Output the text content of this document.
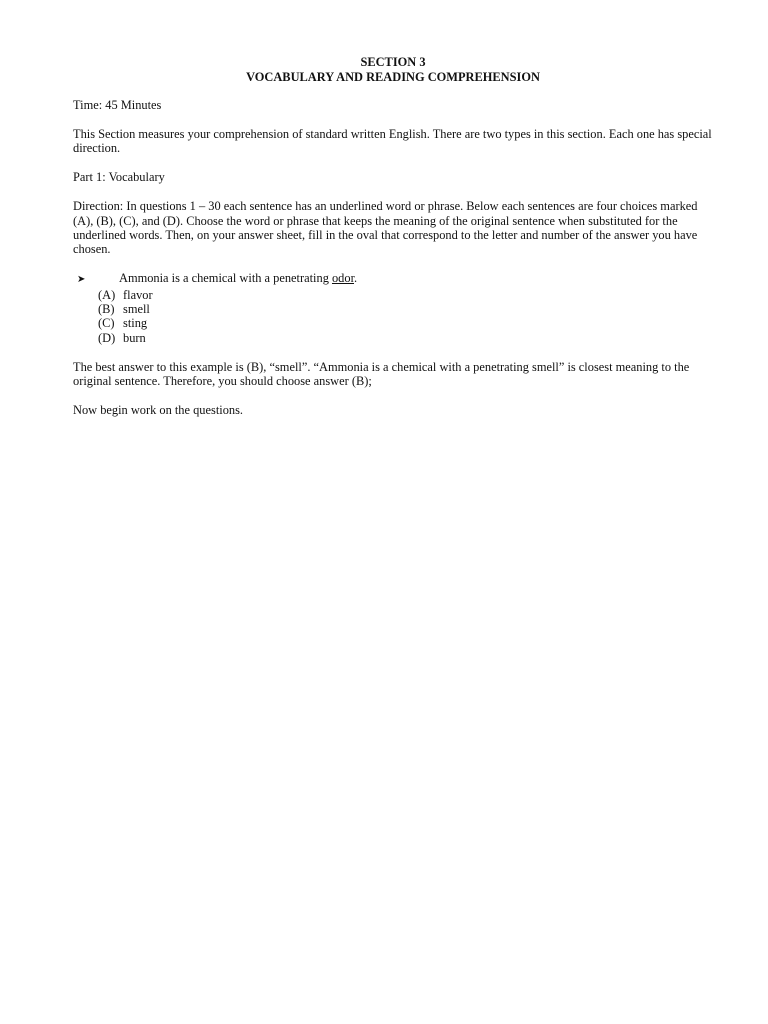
SECTION 3
VOCABULARY AND READING COMPREHENSION

Time: 45 Minutes

This Section measures your comprehension of standard written English. There are two types in this section. Each one has special direction.

Part 1: Vocabulary

Direction: In questions 1 – 30 each sentence has an underlined word or phrase. Below each sentences are four choices marked (A), (B), (C), and (D). Choose the word or phrase that keeps the meaning of the original sentence when substituted for the underlined words. Then, on your answer sheet, fill in the oval that correspond to the letter and number of the answer you have chosen.

➤	Ammonia is a chemical with a penetrating odor.
(A) flavor
(B) smell
(C) sting
(D) burn

The best answer to this example is (B), “smell”. “Ammonia is a chemical with a penetrating smell” is closest meaning to the original sentence. Therefore, you should choose answer (B);

Now begin work on the questions.
